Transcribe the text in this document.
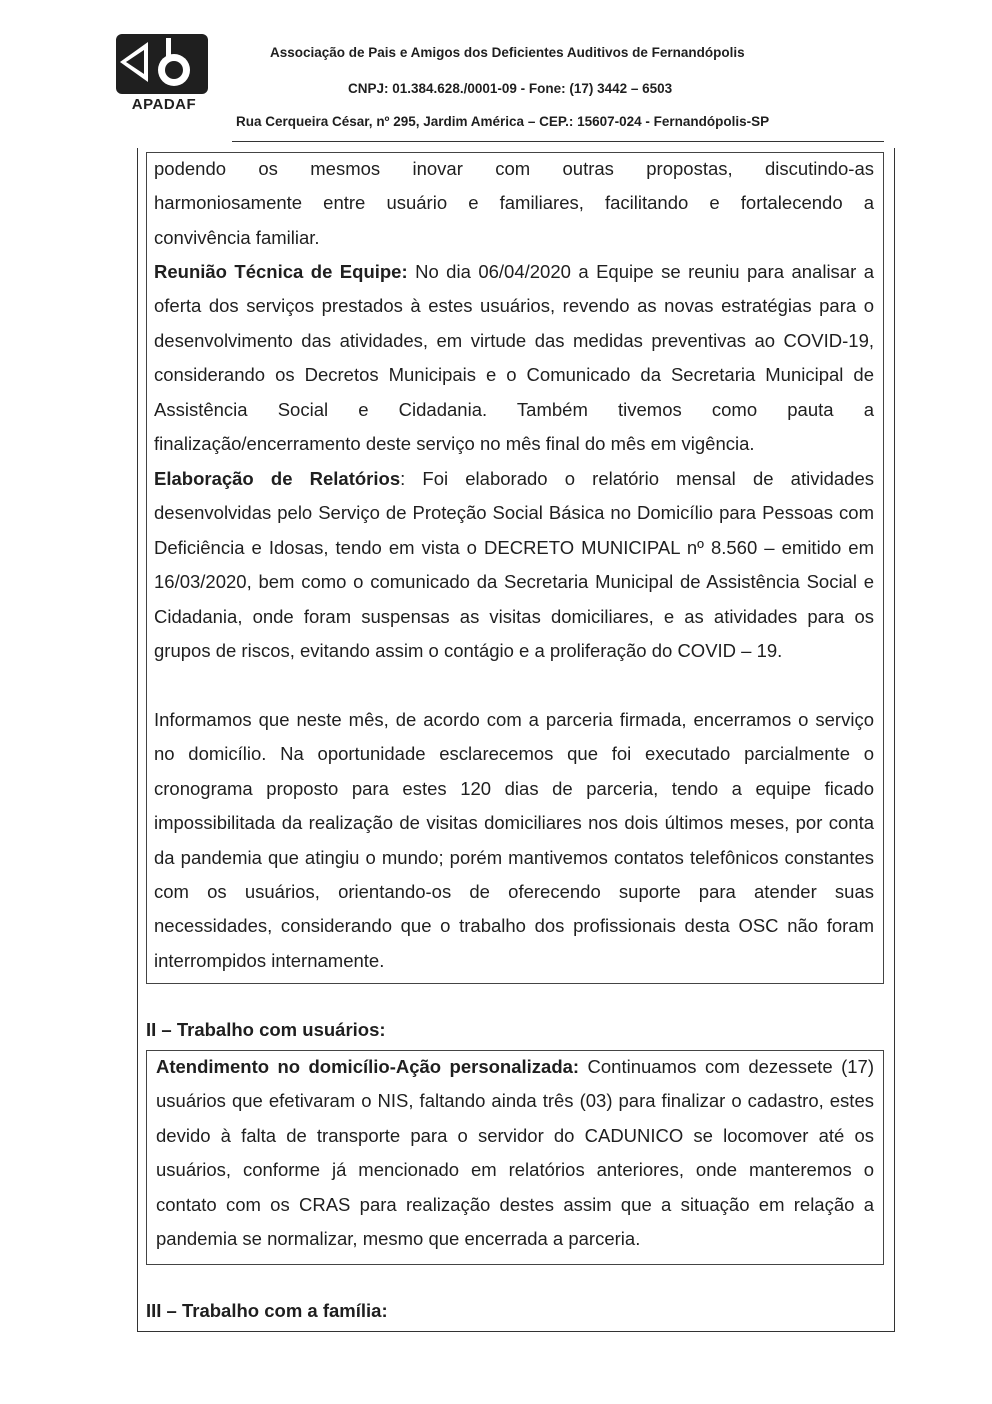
APADAF
Associação de Pais e Amigos dos Deficientes Auditivos de Fernandópolis
CNPJ: 01.384.628./0001-09 - Fone: (17) 3442 – 6503
Rua Cerqueira César, nº 295, Jardim América – CEP.: 15607-024 - Fernandópolis-SP
podendo os mesmos inovar com outras propostas, discutindo-as
harmoniosamente entre usuário e familiares, facilitando e fortalecendo a
convivência familiar.
Reunião Técnica de Equipe: No dia 06/04/2020 a Equipe se reuniu para analisar a oferta dos serviços prestados à estes usuários, revendo as novas estratégias para o desenvolvimento das atividades, em virtude das medidas preventivas ao COVID-19, considerando os Decretos Municipais e o Comunicado da Secretaria Municipal de Assistência Social e Cidadania. Também tivemos como pauta a finalização/encerramento deste serviço no mês final do mês em vigência.
Elaboração de Relatórios: Foi elaborado o relatório mensal de atividades desenvolvidas pelo Serviço de Proteção Social Básica no Domicílio para Pessoas com Deficiência e Idosas, tendo em vista o DECRETO MUNICIPAL nº 8.560 – emitido em 16/03/2020, bem como o comunicado da Secretaria Municipal de Assistência Social e Cidadania, onde foram suspensas as visitas domiciliares, e as atividades para os grupos de riscos, evitando assim o contágio e a proliferação do COVID – 19.
Informamos que neste mês, de acordo com a parceria firmada, encerramos o serviço no domicílio. Na oportunidade esclarecemos que foi executado parcialmente o cronograma proposto para estes 120 dias de parceria, tendo a equipe ficado impossibilitada da realização de visitas domiciliares nos dois últimos meses, por conta da pandemia que atingiu o mundo; porém mantivemos contatos telefônicos constantes com os usuários, orientando-os de oferecendo suporte para atender suas necessidades, considerando que o trabalho dos profissionais desta OSC não foram interrompidos internamente.
II – Trabalho com usuários:
Atendimento no domicílio-Ação personalizada: Continuamos com dezessete (17) usuários que efetivaram o NIS, faltando ainda três (03) para finalizar o cadastro, estes devido à falta de transporte para o servidor do CADUNICO se locomover até os usuários, conforme já mencionado em relatórios anteriores, onde manteremos o contato com os CRAS para realização destes assim que a situação em relação a pandemia se normalizar, mesmo que encerrada a parceria.
III – Trabalho com a família:
